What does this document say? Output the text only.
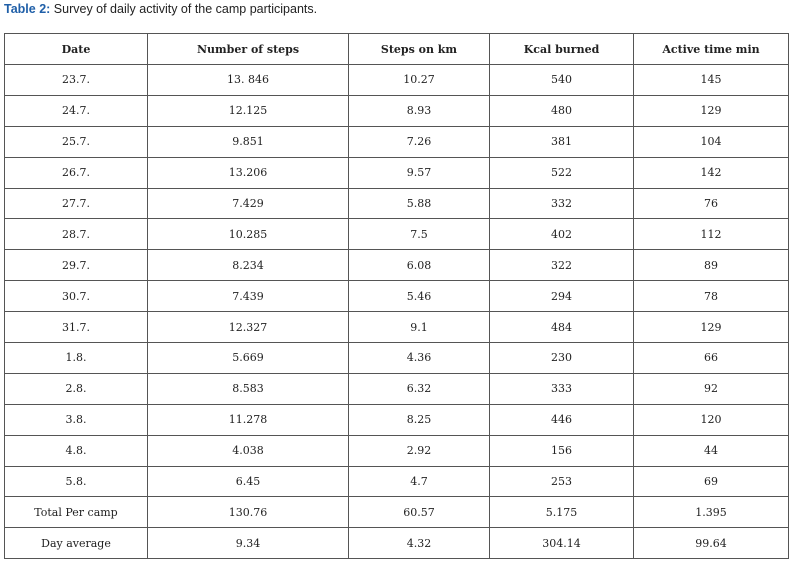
Table 2: Survey of daily activity of the camp participants.
Date	Number of steps	Steps on km	Kcal burned	Active time min
23.7.	13. 846	10.27	540	145
24.7.	12.125	8.93	480	129
25.7.	9.851	7.26	381	104
26.7.	13.206	9.57	522	142
27.7.	7.429	5.88	332	76
28.7.	10.285	7.5	402	112
29.7.	8.234	6.08	322	89
30.7.	7.439	5.46	294	78
31.7.	12.327	9.1	484	129
1.8.	5.669	4.36	230	66
2.8.	8.583	6.32	333	92
3.8.	11.278	8.25	446	120
4.8.	4.038	2.92	156	44
5.8.	6.45	4.7	253	69
Total Per camp	130.76	60.57	5.175	1.395
Day average	9.34	4.32	304.14	99.64
